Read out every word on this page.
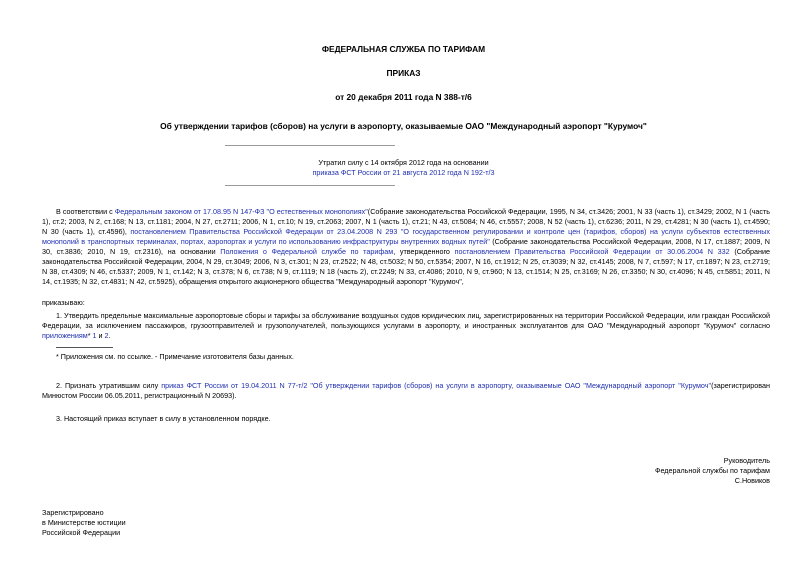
ФЕДЕРАЛЬНАЯ СЛУЖБА ПО ТАРИФАМ
ПРИКАЗ
от 20 декабря 2011 года N 388-т/6
Об утверждении тарифов (сборов) на услуги в аэропорту, оказываемые ОАО "Международный аэропорт "Курумоч"
Утратил силу с 14 октября 2012 года на основании
приказа ФСТ России от 21 августа 2012 года N 192-т/3
В соответствии с Федеральным законом от 17.08.95 N 147-ФЗ "О естественных монополиях"(Собрание законодательства Российской Федерации, 1995, N 34, ст.3426; 2001, N 33 (часть 1), ст.3429; 2002, N 1 (часть 1), ст.2; 2003, N 2, ст.168; N 13, ст.1181; 2004, N 27, ст.2711; 2006, N 1, ст.10; N 19, ст.2063; 2007, N 1 (часть 1), ст.21; N 43, ст.5084; N 46, ст.5557; 2008, N 52 (часть 1), ст.6236; 2011, N 29, ст.4281; N 30 (часть 1), ст.4590; N 30 (часть 1), ст.4596), постановлением Правительства Российской Федерации от 23.04.2008 N 293 "О государственном регулировании и контроле цен (тарифов, сборов) на услуги субъектов естественных монополий в транспортных терминалах, портах, аэропортах и услуги по использованию инфраструктуры внутренних водных путей" (Собрание законодательства Российской Федерации, 2008, N 17, ст.1887; 2009, N 30, ст.3836; 2010, N 19, ст.2316), на основании Положения о Федеральной службе по тарифам, утвержденного постановлением Правительства Российской Федерации от 30.06.2004 N 332 (Собрание законодательства Российской Федерации, 2004, N 29, ст.3049; 2006, N 3, ст.301; N 23, ст.2522; N 48, ст.5032; N 50, ст.5354; 2007, N 16, ст.1912; N 25, ст.3039; N 32, ст.4145; 2008, N 7, ст.597; N 17, ст.1897; N 23, ст.2719; N 38, ст.4309; N 46, ст.5337; 2009, N 1, ст.142; N 3, ст.378; N 6, ст.738; N 9, ст.1119; N 18 (часть 2), ст.2249; N 33, ст.4086; 2010, N 9, ст.960; N 13, ст.1514; N 25, ст.3169; N 26, ст.3350; N 30, ст.4096; N 45, ст.5851; 2011, N 14, ст.1935; N 32, ст.4831; N 42, ст.5925), обращения открытого акционерного общества "Международный аэропорт "Курумоч",
приказываю:
1. Утвердить предельные максимальные аэропортовые сборы и тарифы за обслуживание воздушных судов юридических лиц, зарегистрированных на территории Российской Федерации, или граждан Российской Федерации, за исключением пассажиров, грузоотправителей и грузополучателей, пользующихся услугами в аэропорту, и иностранных эксплуатантов для ОАО "Международный аэропорт "Курумоч" согласно приложениям* 1 и 2.
* Приложения см. по ссылке. - Примечание изготовителя базы данных.
2. Признать утратившим силу приказ ФСТ России от 19.04.2011 N 77-т/2 "Об утверждении тарифов (сборов) на услуги в аэропорту, оказываемые ОАО "Международный аэропорт "Курумоч"(зарегистрирован Минюстом России 06.05.2011, регистрационный N 20693).
3. Настоящий приказ вступает в силу в установленном порядке.
Руководитель
Федеральной службы по тарифам
С.Новиков
Зарегистрировано
в Министерстве юстиции
Российской Федерации
